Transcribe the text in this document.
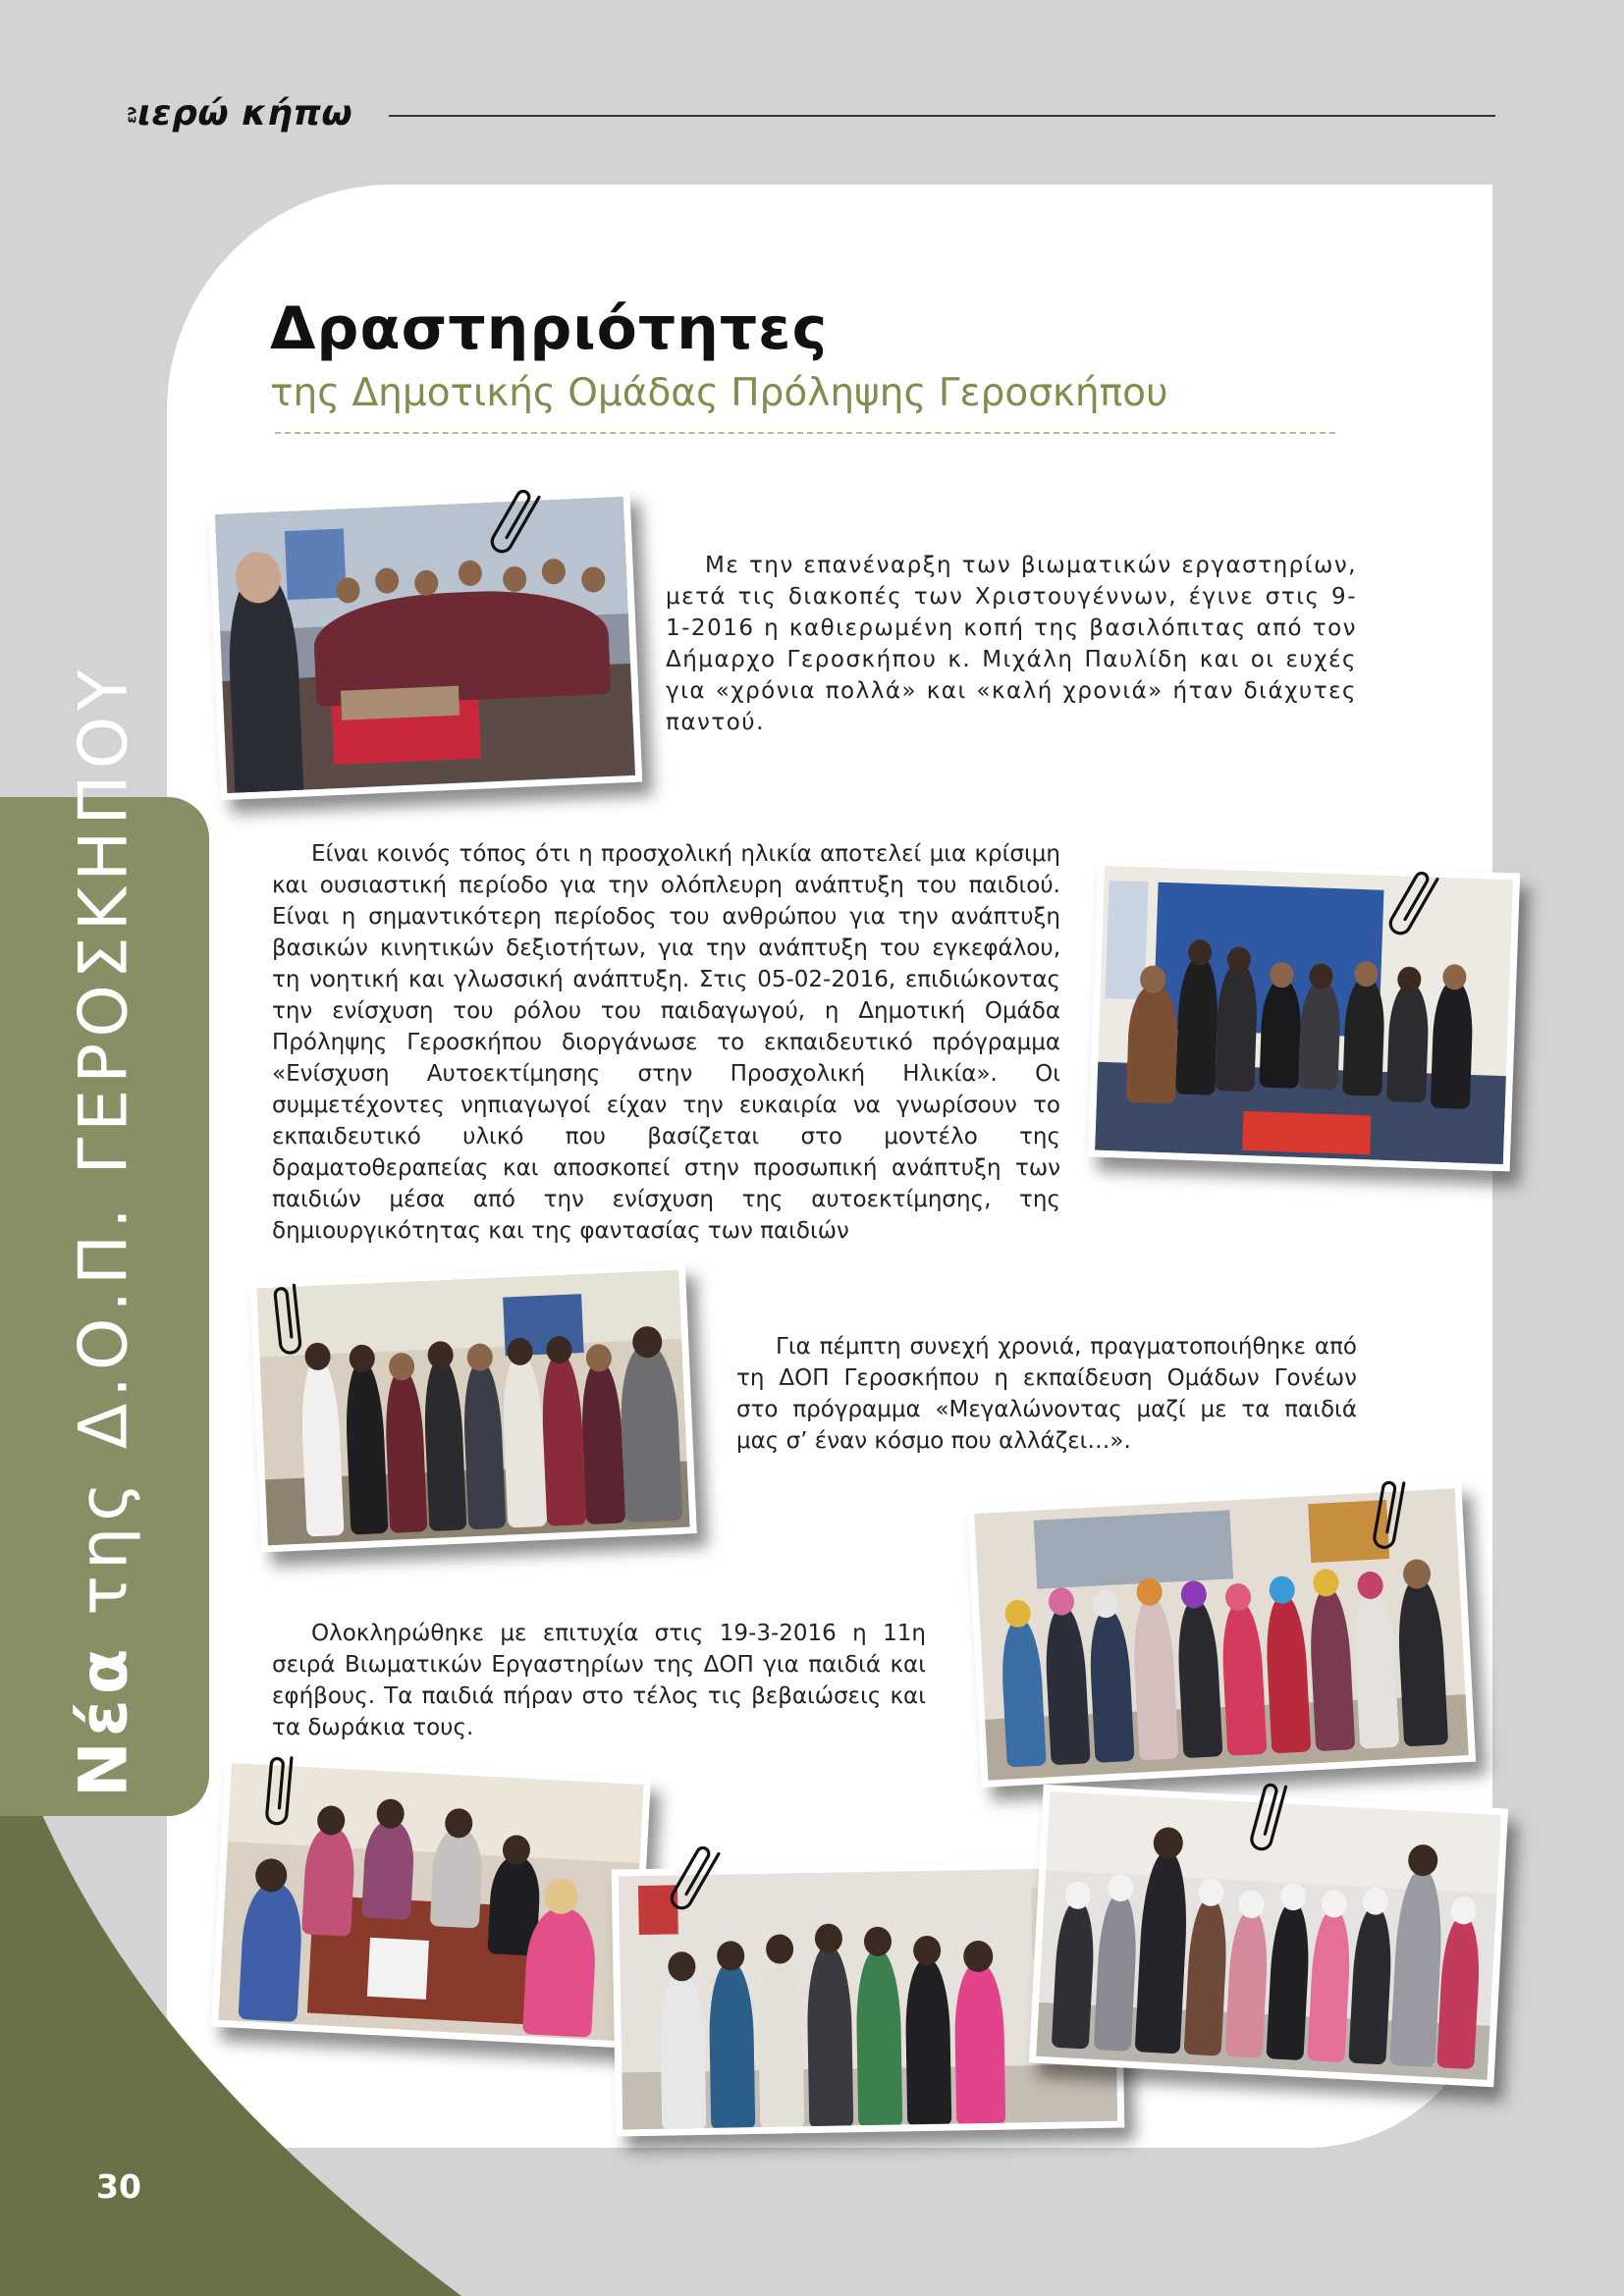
εν
ιερώ κήπω
Νέα της Δ.Ο.Π. ΓΕΡΟΣΚΗΠΟΥ
Δραστηριότητες
της Δημοτικής Ομάδας Πρόληψης Γεροσκήπου
Με την επανέναρξη των βιωματικών εργαστηρίων, μετά τις διακοπές των Χριστουγέννων, έγινε στις 9-1-2016 η καθιερωμένη κοπή της βασιλόπιτας από τον Δήμαρχο Γεροσκήπου κ. Μιχάλη Παυλίδη και οι ευχές για «χρόνια πολλά» και «καλή χρονιά» ήταν διάχυτες παντού.
Είναι κοινός τόπος ότι η προσχολική ηλικία αποτελεί μια κρίσιμη και ουσιαστική περίοδο για την ολόπλευρη ανάπτυξη του παιδιού. Είναι η σημαντικότερη περίοδος του ανθρώπου για την ανάπτυξη βασικών κινητικών δεξιοτήτων, για την ανάπτυξη του εγκεφάλου, τη νοητική και γλωσσική ανάπτυξη. Στις 05-02-2016, επιδιώκοντας την ενίσχυση του ρόλου του παιδαγωγού, η Δημοτική Ομάδα Πρόληψης Γεροσκήπου διοργάνωσε το εκπαιδευτικό πρόγραμμα «Ενίσχυση Αυτοεκτίμησης στην Προσχολική Ηλικία». Οι συμμετέχοντες νηπιαγωγοί είχαν την ευκαιρία να γνωρίσουν το εκπαιδευτικό υλικό που βασίζεται στο μοντέλο της δραματοθεραπείας και αποσκοπεί στην προσωπική ανάπτυξη των παιδιών μέσα από την ενίσχυση της αυτοεκτίμησης, της δημιουργικότητας και της φαντασίας των παιδιών
Για πέμπτη συνεχή χρονιά, πραγματοποιήθηκε από τη ΔΟΠ Γεροσκήπου η εκπαίδευση Ομάδων Γονέων στο πρόγραμμα «Μεγαλώνοντας μαζί με τα παιδιά μας σ’ έναν κόσμο που αλλάζει…».
Ολοκληρώθηκε με επιτυχία στις 19-3-2016 η 11η σειρά Βιωματικών Εργαστηρίων της ΔΟΠ για παιδιά και εφήβους. Τα παιδιά πήραν στο τέλος τις βεβαιώσεις και τα δωράκια τους.
30
